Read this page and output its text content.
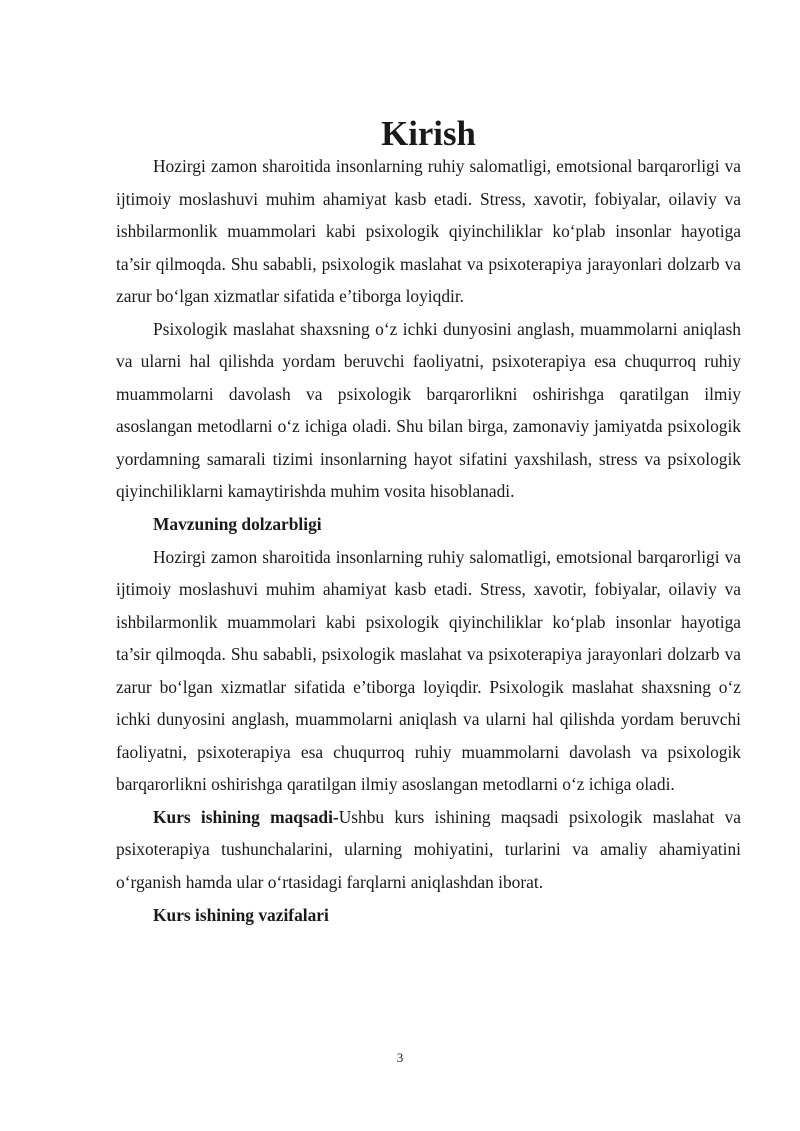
Kirish

Hozirgi zamon sharoitida insonlarning ruhiy salomatligi, emotsional barqarorligi va ijtimoiy moslashuvi muhim ahamiyat kasb etadi. Stress, xavotir, fobiyalar, oilaviy va ishbilarmonlik muammolari kabi psixologik qiyinchiliklar ko‘plab insonlar hayotiga ta’sir qilmoqda. Shu sababli, psixologik maslahat va psixoterapiya jarayonlari dolzarb va zarur bo‘lgan xizmatlar sifatida e’tiborga loyiqdir.

Psixologik maslahat shaxsning o‘z ichki dunyosini anglash, muammolarni aniqlash va ularni hal qilishda yordam beruvchi faoliyatni, psixoterapiya esa chuqurroq ruhiy muammolarni davolash va psixologik barqarorlikni oshirishga qaratilgan ilmiy asoslangan metodlarni o‘z ichiga oladi. Shu bilan birga, zamonaviy jamiyatda psixologik yordamning samarali tizimi insonlarning hayot sifatini yaxshilash, stress va psixologik qiyinchiliklarni kamaytirishda muhim vosita hisoblanadi.

Mavzuning dolzarbligi

Hozirgi zamon sharoitida insonlarning ruhiy salomatligi, emotsional barqarorligi va ijtimoiy moslashuvi muhim ahamiyat kasb etadi. Stress, xavotir, fobiyalar, oilaviy va ishbilarmonlik muammolari kabi psixologik qiyinchiliklar ko‘plab insonlar hayotiga ta’sir qilmoqda. Shu sababli, psixologik maslahat va psixoterapiya jarayonlari dolzarb va zarur bo‘lgan xizmatlar sifatida e’tiborga loyiqdir. Psixologik maslahat shaxsning o‘z ichki dunyosini anglash, muammolarni aniqlash va ularni hal qilishda yordam beruvchi faoliyatni, psixoterapiya esa chuqurroq ruhiy muammolarni davolash va psixologik barqarorlikni oshirishga qaratilgan ilmiy asoslangan metodlarni o‘z ichiga oladi.

Kurs ishining maqsadi-Ushbu kurs ishining maqsadi psixologik maslahat va psixoterapiya tushunchalarini, ularning mohiyatini, turlarini va amaliy ahamiyatini o‘rganish hamda ular o‘rtasidagi farqlarni aniqlashdan iborat.

Kurs ishining vazifalari

3
